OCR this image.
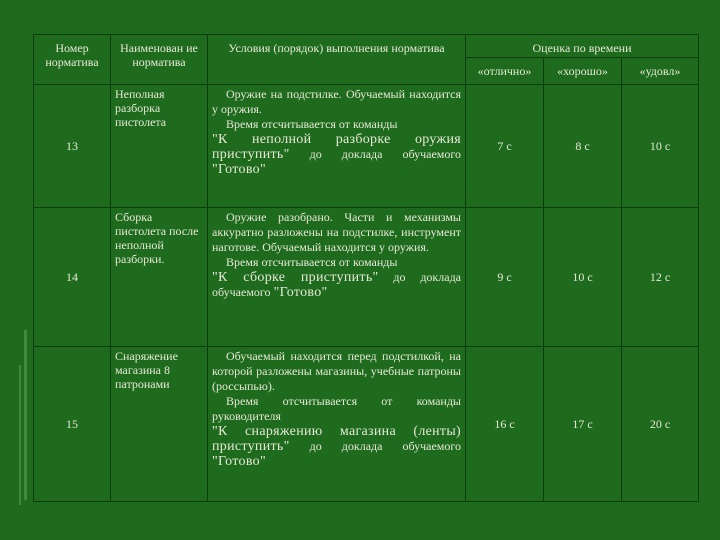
Номер норматива	Наименован ие норматива	Условия (порядок) выполнения норматива	Оценка по времени		
			«отлично»	«хорошо»	«удовл»
13	Неполная разборка пистолета	Оружие на подстилке. Обучаемый находится у оружия.
Время отсчитывается от команды
"К неполной разборке оружия приступить" до доклада обучаемого "Готово"	7 с	8 с	10 с
14	Сборка пистолета после неполной разборки.	Оружие разобрано. Части и механизмы аккуратно разложены на подстилке, инструмент наготове. Обучаемый находится у оружия.
Время отсчитывается от команды
"К сборке приступить" до доклада обучаемого "Готово"	9 с	10 с	12 с
15	Снаряжение магазина 8 патронами	Обучаемый находится перед подстилкой, на которой разложены магазины, учебные патроны (россыпью).
Время отсчитывается от команды руководителя
"К снаряжению магазина (ленты) приступить" до доклада обучаемого "Готово"	16 с	17 с	20 с
